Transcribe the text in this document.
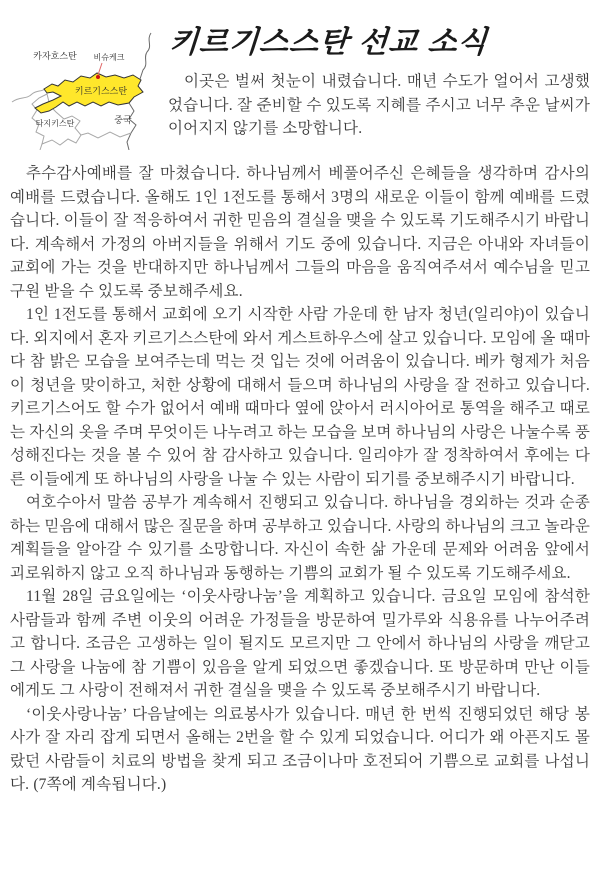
카자흐스탄 비슈케크
키르기스스탄
타지키스탄	중국
키르기스스탄 선교 소식

이곳은 벌써 첫눈이 내렸습니다. 매년 수도가 얼어서 고생했었습니다. 잘 준비할 수 있도록 지혜를 주시고 너무 추운 날씨가 이어지지 않기를 소망합니다.

추수감사예배를 잘 마쳤습니다. 하나님께서 베풀어주신 은혜들을 생각하며 감사의 예배를 드렸습니다. 올해도 1인 1전도를 통해서 3명의 새로운 이들이 함께 예배를 드렸습니다. 이들이 잘 적응하여서 귀한 믿음의 결실을 맺을 수 있도록 기도해주시기 바랍니다. 계속해서 가정의 아버지들을 위해서 기도 중에 있습니다. 지금은 아내와 자녀들이 교회에 가는 것을 반대하지만 하나님께서 그들의 마음을 움직여주셔서 예수님을 믿고 구원 받을 수 있도록 중보해주세요.

1인 1전도를 통해서 교회에 오기 시작한 사람 가운데 한 남자 청년(일리야)이 있습니다. 외지에서 혼자 키르기스스탄에 와서 게스트하우스에 살고 있습니다. 모임에 올 때마다 참 밝은 모습을 보여주는데 먹는 것 입는 것에 어려움이 있습니다. 베카 형제가 처음 이 청년을 맞이하고, 처한 상황에 대해서 들으며 하나님의 사랑을 잘 전하고 있습니다. 키르기스어도 할 수가 없어서 예배 때마다 옆에 앉아서 러시아어로 통역을 해주고 때로는 자신의 옷을 주며 무엇이든 나누려고 하는 모습을 보며 하나님의 사랑은 나눌수록 풍성해진다는 것을 볼 수 있어 참 감사하고 있습니다. 일리야가 잘 정착하여서 후에는 다른 이들에게 또 하나님의 사랑을 나눌 수 있는 사람이 되기를 중보해주시기 바랍니다.

여호수아서 말씀 공부가 계속해서 진행되고 있습니다. 하나님을 경외하는 것과 순종하는 믿음에 대해서 많은 질문을 하며 공부하고 있습니다. 사랑의 하나님의 크고 놀라운 계획들을 알아갈 수 있기를 소망합니다. 자신이 속한 삶 가운데 문제와 어려움 앞에서 괴로워하지 않고 오직 하나님과 동행하는 기쁨의 교회가 될 수 있도록 기도해주세요.

11월 28일 금요일에는 ‘이웃사랑나눔’을 계획하고 있습니다. 금요일 모임에 참석한 사람들과 함께 주변 이웃의 어려운 가정들을 방문하여 밀가루와 식용유를 나누어주려고 합니다. 조금은 고생하는 일이 될지도 모르지만 그 안에서 하나님의 사랑을 깨닫고 그 사랑을 나눔에 참 기쁨이 있음을 알게 되었으면 좋겠습니다. 또 방문하며 만난 이들에게도 그 사랑이 전해져서 귀한 결실을 맺을 수 있도록 중보해주시기 바랍니다.

‘이웃사랑나눔’ 다음날에는 의료봉사가 있습니다. 매년 한 번씩 진행되었던 해당 봉사가 잘 자리 잡게 되면서 올해는 2번을 할 수 있게 되었습니다. 어디가 왜 아픈지도 몰랐던 사람들이 치료의 방법을 찾게 되고 조금이나마 호전되어 기쁨으로 교회를 나섭니다. (7쪽에 계속됩니다.)
